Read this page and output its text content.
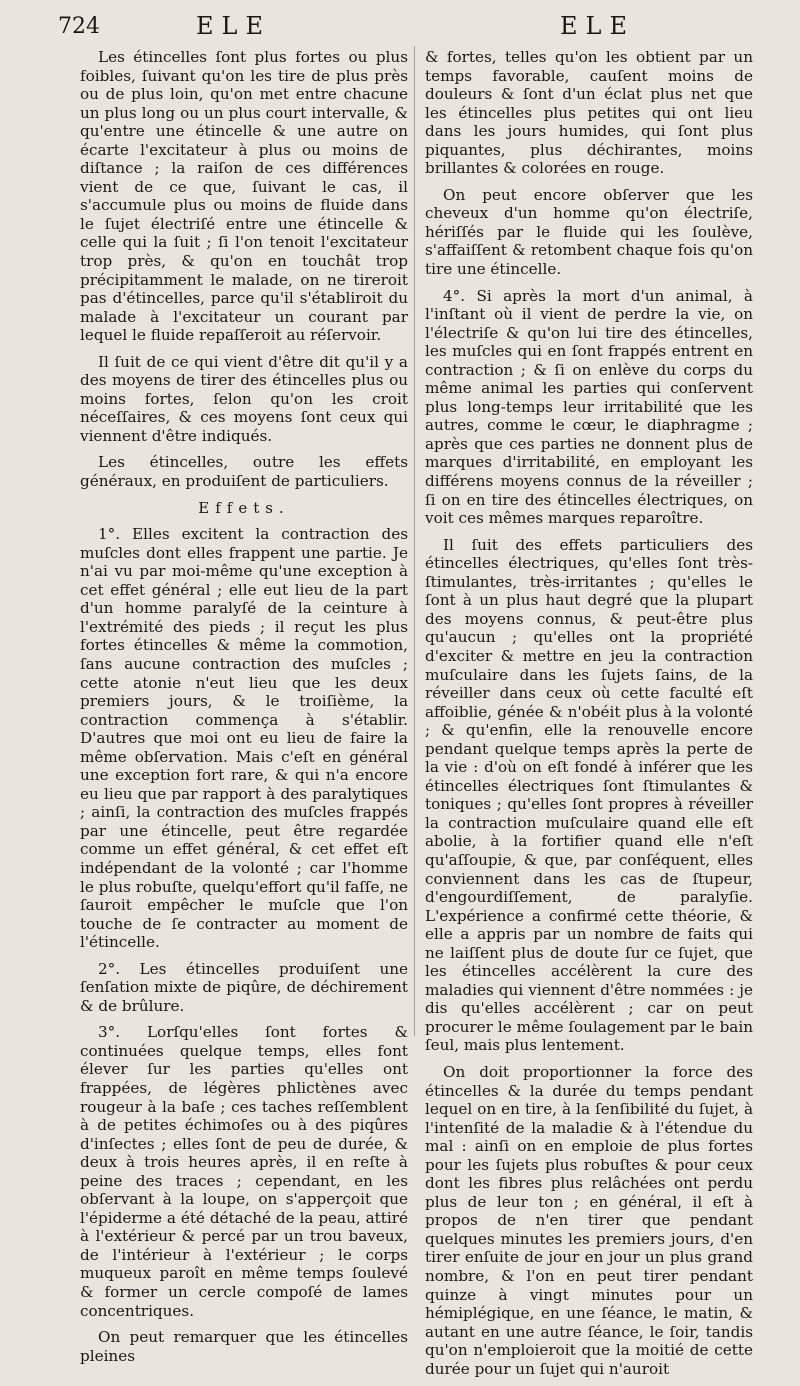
724	ELE	ELE

Les étincelles ſont plus fortes ou plus foibles, ſuivant qu'on les tire de plus près ou de plus loin, qu'on met entre chacune un plus long ou un plus court intervalle, & qu'entre une étincelle & une autre on écarte l'excitateur à plus ou moins de diſtance ; la raiſon de ces différences vient de ce que, ſuivant le cas, il s'accumule plus ou moins de fluide dans le ſujet électriſé entre une étincelle & celle qui la ſuit ; ſi l'on tenoit l'excitateur trop près, & qu'on en touchât trop précipitamment le malade, on ne tireroit pas d'étincelles, parce qu'il s'établiroit du malade à l'excitateur un courant par lequel le fluide repaſſeroit au réſervoir.

Il ſuit de ce qui vient d'être dit qu'il y a des moyens de tirer des étincelles plus ou moins fortes, ſelon qu'on les croit néceſſaires, & ces moyens ſont ceux qui viennent d'être indiqués.

Les étincelles, outre les effets généraux, en produiſent de particuliers.

Effets.

1°. Elles excitent la contraction des muſcles dont elles frappent une partie. Je n'ai vu par moi-même qu'une exception à cet effet général ; elle eut lieu de la part d'un homme paralyſé de la ceinture à l'extrémité des pieds ; il reçut les plus fortes étincelles & même la commotion, ſans aucune contraction des muſcles ; cette atonie n'eut lieu que les deux premiers jours, & le troiſième, la contraction commença à s'établir. D'autres que moi ont eu lieu de faire la même obſervation. Mais c'eſt en général une exception fort rare, & qui n'a encore eu lieu que par rapport à des paralytiques ; ainſi, la contraction des muſcles frappés par une étincelle, peut être regardée comme un effet général, & cet effet eſt indépendant de la volonté ; car l'homme le plus robuſte, quelqu'effort qu'il faſſe, ne ſauroit empêcher le muſcle que l'on touche de ſe contracter au moment de l'étincelle.

2°. Les étincelles produiſent une ſenſation mixte de piqûre, de déchirement & de brûlure.

3°. Lorſqu'elles ſont fortes & continuées quelque temps, elles font élever ſur les parties qu'elles ont frappées, de légères phlictènes avec rougeur à la baſe ; ces taches reſſemblent à de petites échimoſes ou à des piqûres d'inſectes ; elles ſont de peu de durée, & deux à trois heures après, il en reſte à peine des traces ; cependant, en les obſervant à la loupe, on s'apperçoit que l'épiderme a été détaché de la peau, attiré à l'extérieur & percé par un trou baveux, de l'intérieur à l'extérieur ; le corps muqueux paroît en même temps ſoulevé & former un cercle compoſé de lames concentriques.

On peut remarquer que les étincelles pleines

& fortes, telles qu'on les obtient par un temps favorable, cauſent moins de douleurs & ſont d'un éclat plus net que les étincelles plus petites qui ont lieu dans les jours humides, qui ſont plus piquantes, plus déchirantes, moins brillantes & colorées en rouge.

On peut encore obſerver que les cheveux d'un homme qu'on électriſe, hériſſés par le fluide qui les ſoulève, s'affaiſſent & retombent chaque fois qu'on tire une étincelle.

4°. Si après la mort d'un animal, à l'inſtant où il vient de perdre la vie, on l'électriſe & qu'on lui tire des étincelles, les muſcles qui en ſont frappés entrent en contraction ; & ſi on enlève du corps du même animal les parties qui conſervent plus long-temps leur irritabilité que les autres, comme le cœur, le diaphragme ; après que ces parties ne donnent plus de marques d'irritabilité, en employant les différens moyens connus de la réveiller ; ſi on en tire des étincelles électriques, on voit ces mêmes marques reparoître.

Il ſuit des effets particuliers des étincelles électriques, qu'elles ſont très-ſtimulantes, très-irritantes ; qu'elles le ſont à un plus haut degré que la plupart des moyens connus, & peut-être plus qu'aucun ; qu'elles ont la propriété d'exciter & mettre en jeu la contraction muſculaire dans les ſujets ſains, de la réveiller dans ceux où cette faculté eſt affoiblie, génée & n'obéit plus à la volonté ; & qu'enfin, elle la renouvelle encore pendant quelque temps après la perte de la vie : d'où on eſt fondé à inférer que les étincelles électriques ſont ſtimulantes & toniques ; qu'elles ſont propres à réveiller la contraction muſculaire quand elle eſt abolie, à la fortifier quand elle n'eſt qu'aſſoupie, & que, par conſéquent, elles conviennent dans les cas de ſtupeur, d'engourdiſſement, de paralyſie. L'expérience a confirmé cette théorie, & elle a appris par un nombre de faits qui ne laiſſent plus de doute ſur ce ſujet, que les étincelles accélèrent la cure des maladies qui viennent d'être nommées : je dis qu'elles accélèrent ; car on peut procurer le même ſoulagement par le bain ſeul, mais plus lentement.

On doit proportionner la force des étincelles & la durée du temps pendant lequel on en tire, à la ſenſibilité du ſujet, à l'intenſité de la maladie & à l'étendue du mal : ainſi on en emploie de plus fortes pour les ſujets plus robuſtes & pour ceux dont les fibres plus relâchées ont perdu plus de leur ton ; en général, il eſt à propos de n'en tirer que pendant quelques minutes les premiers jours, d'en tirer enſuite de jour en jour un plus grand nombre, & l'on en peut tirer pendant quinze à vingt minutes pour un hémiplégique, en une ſéance, le matin, & autant en une autre ſéance, le ſoir, tandis qu'on n'emploieroit que la moitié de cette durée pour un ſujet qui n'auroit
